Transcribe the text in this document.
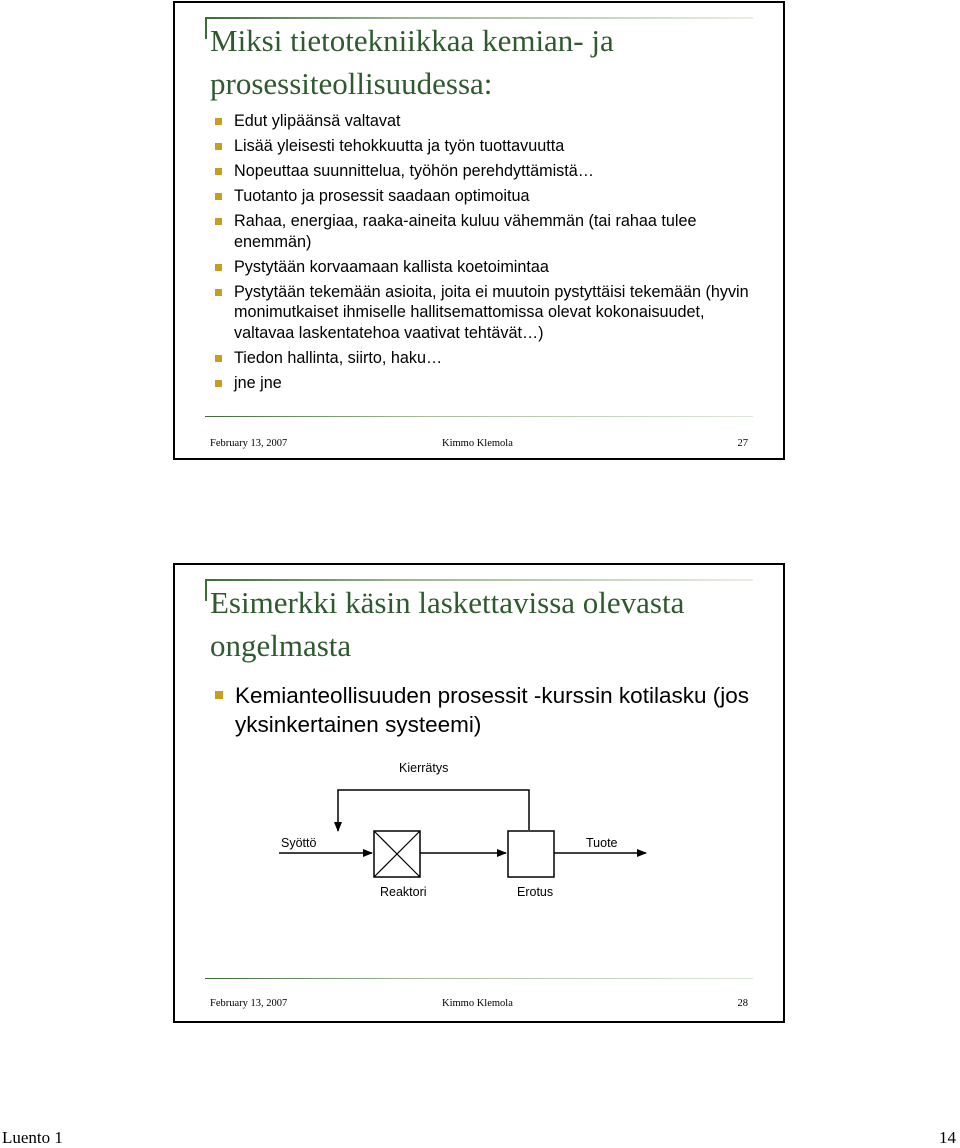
Miksi tietotekniikkaa kemian- ja prosessiteollisuudessa:
Edut ylipäänsä valtavat
Lisää yleisesti tehokkuutta ja työn tuottavuutta
Nopeuttaa suunnittelua, työhön perehdyttämistä…
Tuotanto ja prosessit saadaan optimoitua
Rahaa, energiaa, raaka-aineita kuluu vähemmän (tai rahaa tulee enemmän)
Pystytään korvaamaan kallista koetoimintaa
Pystytään tekemään asioita, joita ei muutoin pystyttäisi tekemään (hyvin monimutkaiset ihmiselle hallitsemattomissa olevat kokonaisuudet, valtavaa laskentatehoa vaativat tehtävät…)
Tiedon hallinta, siirto, haku…
jne jne
February 13, 2007	Kimmo Klemola	27
Esimerkki käsin laskettavissa olevasta ongelmasta
Kemianteollisuuden prosessit -kurssin kotilasku (jos yksinkertainen systeemi)
February 13, 2007	Kimmo Klemola	28
Kierrätys
Syöttö
Reaktori	Erotus
Tuote
Luento 1	14
